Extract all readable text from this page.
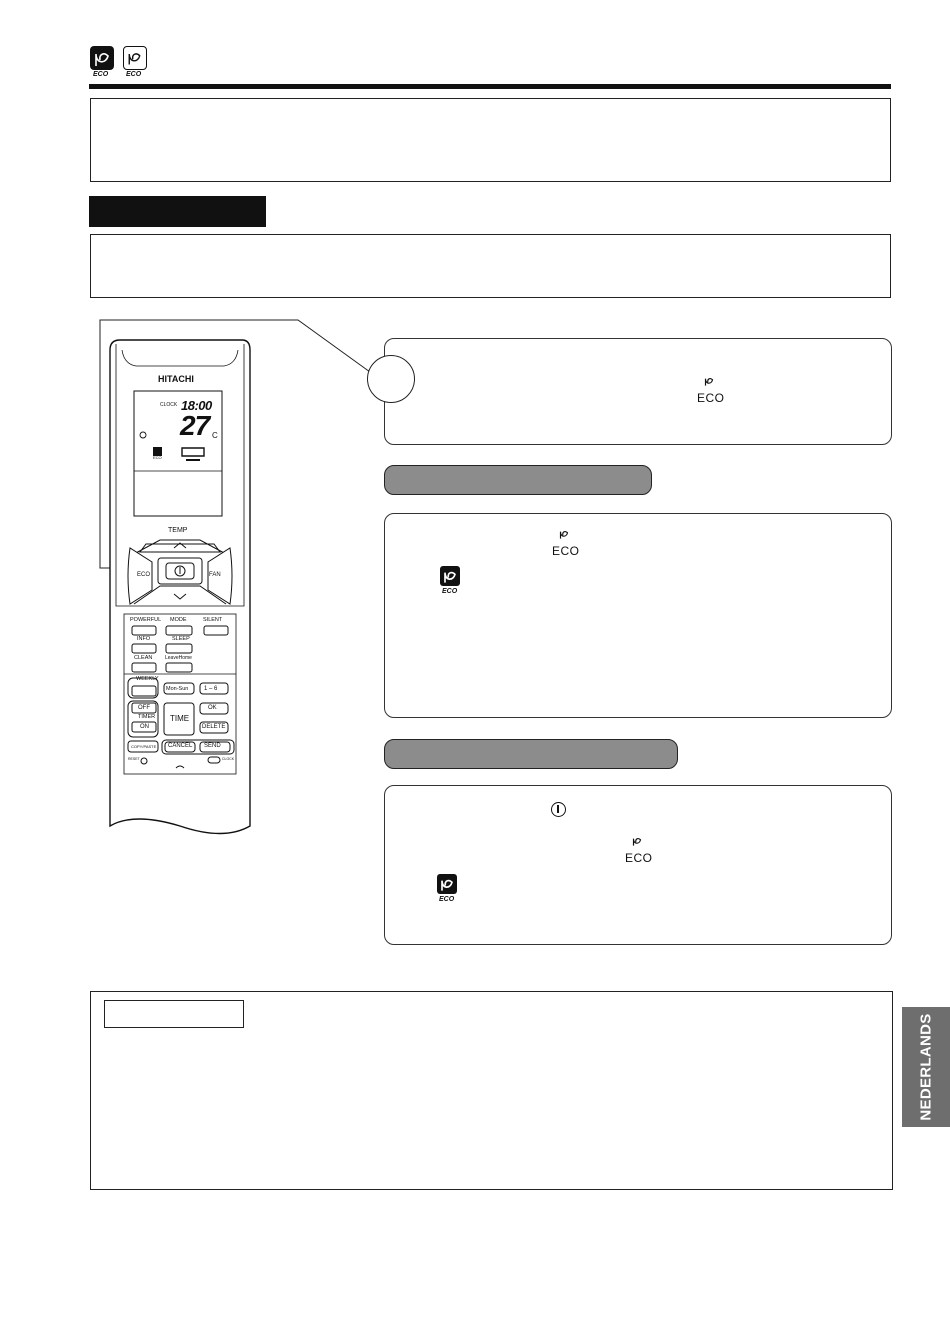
ECO	ECO
HITACHI
CLOCK 18:00
27 C
ECO
TEMP
ECO	FAN
POWERFUL MODE	SILENT
INFO	SLEEP
CLEAN	LeaveHome
WEEKLY
Mon-Sun	1 – 6
OFF
TIMER
ON
TIME
OK
DELETE
COPY/PASTE CANCEL SEND
RESET	CLOCK
ECO
ECO
ECO
ECO
ECO
NEDERLANDS
